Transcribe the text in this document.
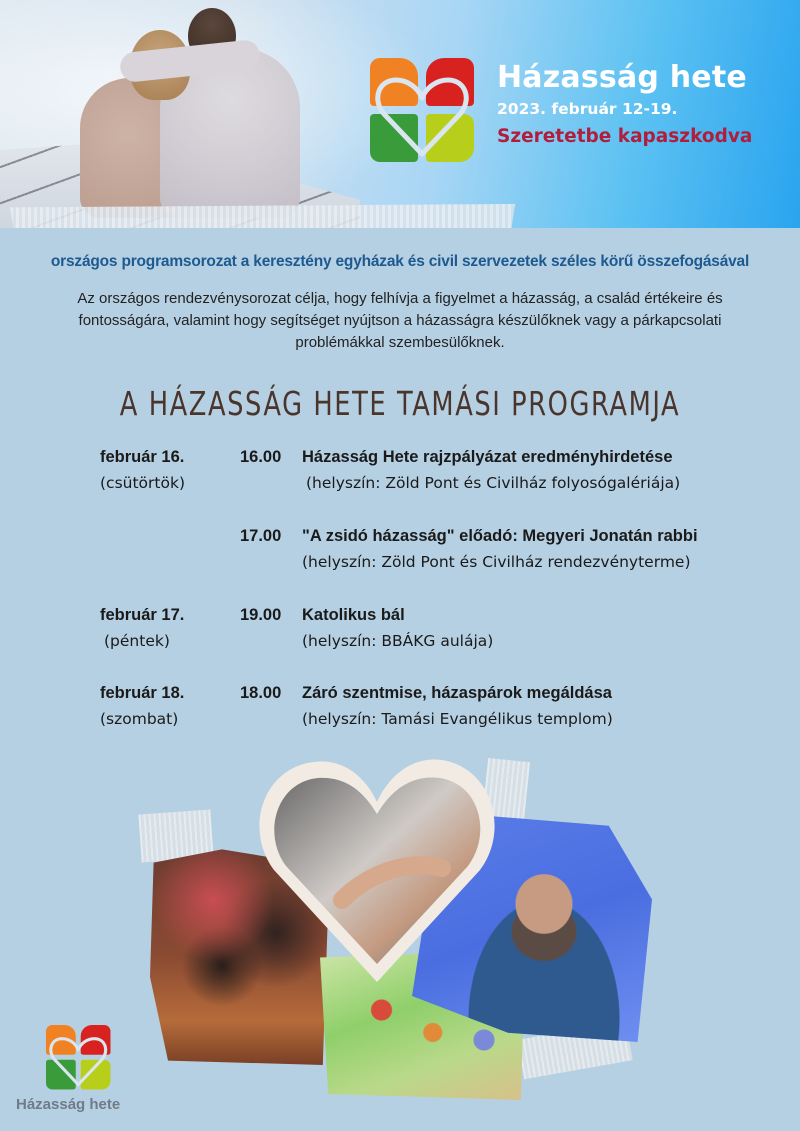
Házasság hete
2023. február 12-19.
Szeretetbe kapaszkodva
országos programsorozat a keresztény egyházak és civil szervezetek széles körű összefogásával
Az országos rendezvénysorozat célja, hogy felhívja a figyelmet a házasság, a család értékeire és fontosságára, valamint hogy segítséget nyújtson a házasságra készülőknek vagy a párkapcsolati problémákkal szembesülőknek.
A HÁZASSÁG HETE TAMÁSI PROGRAMJA
február 16.
(csütörtök)
16.00 Házasság Hete rajzpályázat eredményhirdetése
(helyszín: Zöld Pont és Civilház folyosógalériája)
17.00 "A zsidó házasság" előadó: Megyeri Jonatán rabbi
(helyszín: Zöld Pont és Civilház rendezvényterme)
február 17.
(péntek)
19.00 Katolikus bál
(helyszín: BBÁKG aulája)
február 18.
(szombat)
18.00 Záró szentmise, házaspárok megáldása
(helyszín: Tamási Evangélikus templom)
Házasság hete
